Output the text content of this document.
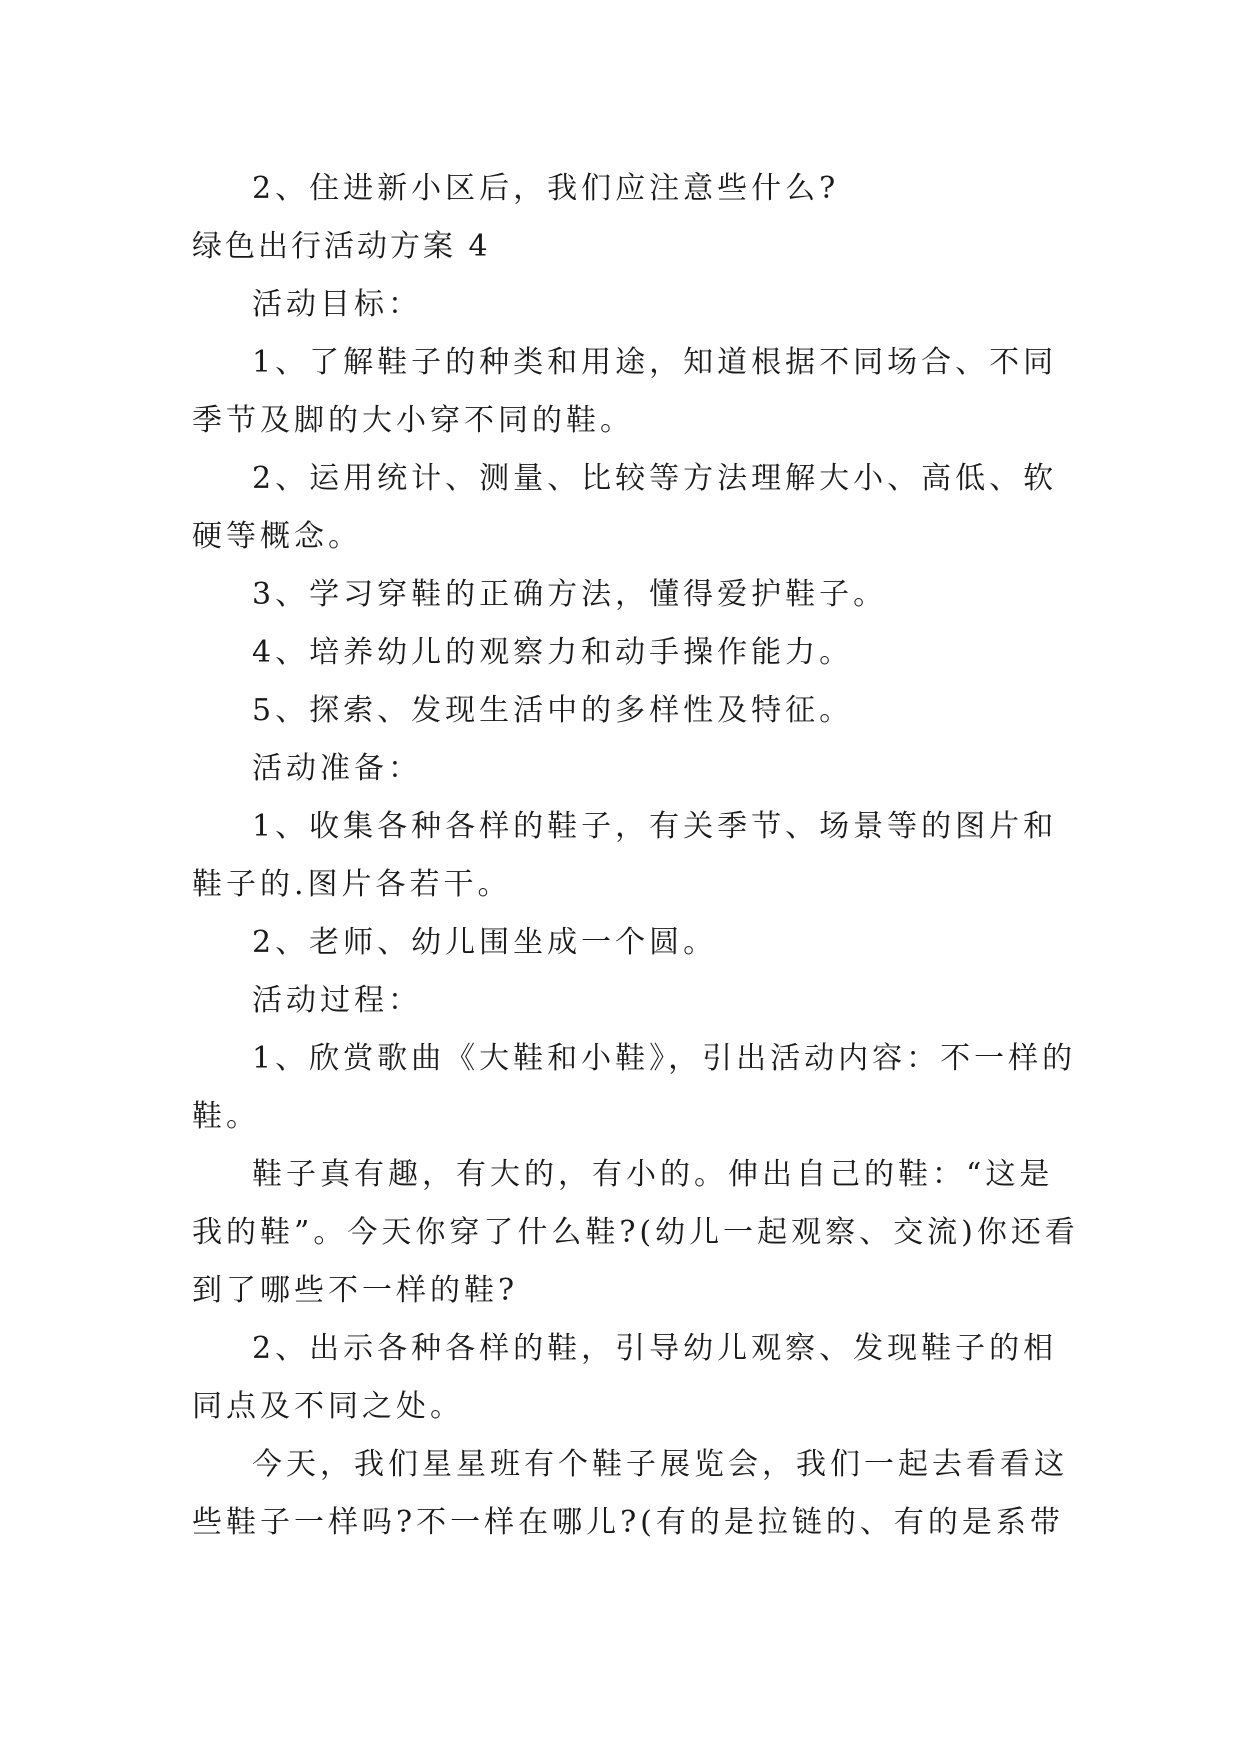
2、住进新小区后，我们应注意些什么?

绿色出行活动方案 4

活动目标：

1、了解鞋子的种类和用途，知道根据不同场合、不同

季节及脚的大小穿不同的鞋。

2、运用统计、测量、比较等方法理解大小、高低、软

硬等概念。

3、学习穿鞋的正确方法，懂得爱护鞋子。

4、培养幼儿的观察力和动手操作能力。

5、探索、发现生活中的多样性及特征。

活动准备：

1、收集各种各样的鞋子，有关季节、场景等的图片和

鞋子的.图片各若干。

2、老师、幼儿围坐成一个圆。

活动过程：

1、欣赏歌曲《大鞋和小鞋》，引出活动内容：不一样的

鞋。

鞋子真有趣，有大的，有小的。伸出自己的鞋：“这是

我的鞋”。今天你穿了什么鞋?(幼儿一起观察、交流)你还看

到了哪些不一样的鞋?

2、出示各种各样的鞋，引导幼儿观察、发现鞋子的相

同点及不同之处。

今天，我们星星班有个鞋子展览会，我们一起去看看这

些鞋子一样吗?不一样在哪儿?(有的是拉链的、有的是系带
